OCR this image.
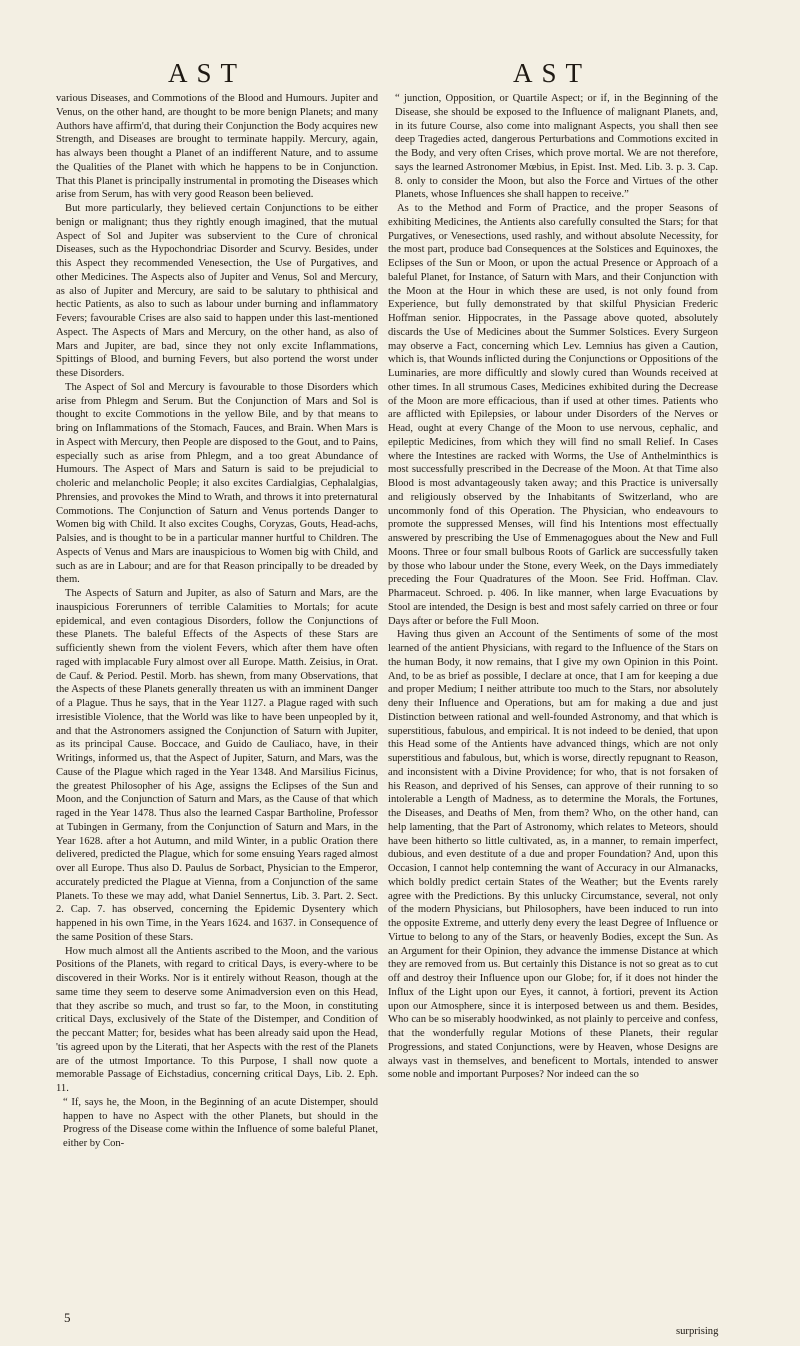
AST	AST

various Diseases, and Commotions of the Blood and Humours. Jupiter and Venus, on the other hand, are thought to be more benign Planets; and many Authors have affirm'd, that during their Conjunction the Body acquires new Strength, and Diseases are brought to terminate happily. Mercury, again, has always been thought a Planet of an indifferent Nature, and to assume the Qualities of the Planet with which he happens to be in Conjunction. That this Planet is principally instrumental in promoting the Diseases which arise from Serum, has with very good Reason been believed.

But more particularly, they believed certain Conjunctions to be either benign or malignant; thus they rightly enough imagined, that the mutual Aspect of Sol and Jupiter was subservient to the Cure of chronical Diseases, such as the Hypochondriac Disorder and Scurvy. Besides, under this Aspect they recommended Venesection, the Use of Purgatives, and other Medicines. The Aspects also of Jupiter and Venus, Sol and Mercury, as also of Jupiter and Mercury, are said to be salutary to phthisical and hectic Patients, as also to such as labour under burning and inflammatory Fevers; favourable Crises are also said to happen under this last-mentioned Aspect. The Aspects of Mars and Mercury, on the other hand, as also of Mars and Jupiter, are bad, since they not only excite Inflammations, Spittings of Blood, and burning Fevers, but also portend the worst under these Disorders.

The Aspect of Sol and Mercury is favourable to those Disorders which arise from Phlegm and Serum. But the Conjunction of Mars and Sol is thought to excite Commotions in the yellow Bile, and by that means to bring on Inflammations of the Stomach, Fauces, and Brain. When Mars is in Aspect with Mercury, then People are disposed to the Gout, and to Pains, especially such as arise from Phlegm, and a too great Abundance of Humours. The Aspect of Mars and Saturn is said to be prejudicial to choleric and melancholic People; it also excites Cardialgias, Cephalalgias, Phrensies, and provokes the Mind to Wrath, and throws it into preternatural Commotions. The Conjunction of Saturn and Venus portends Danger to Women big with Child. It also excites Coughs, Coryzas, Gouts, Head-achs, Palsies, and is thought to be in a particular manner hurtful to Children. The Aspects of Venus and Mars are inauspicious to Women big with Child, and such as are in Labour; and are for that Reason principally to be dreaded by them.

The Aspects of Saturn and Jupiter, as also of Saturn and Mars, are the inauspicious Forerunners of terrible Calamities to Mortals; for acute epidemical, and even contagious Disorders, follow the Conjunctions of these Planets. The baleful Effects of the Aspects of these Stars are sufficiently shewn from the violent Fevers, which after them have often raged with implacable Fury almost over all Europe. Matth. Zeisius, in Orat. de Cauf. & Period. Pestil. Morb. has shewn, from many Observations, that the Aspects of these Planets generally threaten us with an imminent Danger of a Plague. Thus he says, that in the Year 1127. a Plague raged with such irresistible Violence, that the World was like to have been unpeopled by it, and that the Astronomers assigned the Conjunction of Saturn with Jupiter, as its principal Cause. Boccace, and Guido de Cauliaco, have, in their Writings, informed us, that the Aspect of Jupiter, Saturn, and Mars, was the Cause of the Plague which raged in the Year 1348. And Marsilius Ficinus, the greatest Philosopher of his Age, assigns the Eclipses of the Sun and Moon, and the Conjunction of Saturn and Mars, as the Cause of that which raged in the Year 1478. Thus also the learned Caspar Bartholine, Professor at Tubingen in Germany, from the Conjunction of Saturn and Mars, in the Year 1628. after a hot Autumn, and mild Winter, in a public Oration there delivered, predicted the Plague, which for some ensuing Years raged almost over all Europe. Thus also D. Paulus de Sorbact, Physician to the Emperor, accurately predicted the Plague at Vienna, from a Conjunction of the same Planets. To these we may add, what Daniel Sennertus, Lib. 3. Part. 2. Sect. 2. Cap. 7. has observed, concerning the Epidemic Dysentery which happened in his own Time, in the Years 1624. and 1637. in Consequence of the same Position of these Stars.

How much almost all the Antients ascribed to the Moon, and the various Positions of the Planets, with regard to critical Days, is every-where to be discovered in their Works. Nor is it entirely without Reason, though at the same time they seem to deserve some Animadversion even on this Head, that they ascribe so much, and trust so far, to the Moon, in constituting critical Days, exclusively of the State of the Distemper, and Condition of the peccant Matter; for, besides what has been already said upon the Head, 'tis agreed upon by the Literati, that her Aspects with the rest of the Planets are of the utmost Importance. To this Purpose, I shall now quote a memorable Passage of Eichstadius, concerning critical Days, Lib. 2. Eph. 11.

“ If, says he, the Moon, in the Beginning of an acute Distemper, should happen to have no Aspect with the other Planets, but should in the Progress of the Disease come within the Influence of some baleful Planet, either by Con-

“ junction, Opposition, or Quartile Aspect; or if, in the Beginning of the Disease, she should be exposed to the Influence of malignant Planets, and, in its future Course, also come into malignant Aspects, you shall then see deep Tragedies acted, dangerous Perturbations and Commotions excited in the Body, and very often Crises, which prove mortal. We are not therefore, says the learned Astronomer Mœbius, in Epist. Inst. Med. Lib. 3. p. 3. Cap. 8. only to consider the Moon, but also the Force and Virtues of the other Planets, whose Influences she shall happen to receive.”

As to the Method and Form of Practice, and the proper Seasons of exhibiting Medicines, the Antients also carefully consulted the Stars; for that Purgatives, or Venesections, used rashly, and without absolute Necessity, for the most part, produce bad Consequences at the Solstices and Equinoxes, the Eclipses of the Sun or Moon, or upon the actual Presence or Approach of a baleful Planet, for Instance, of Saturn with Mars, and their Conjunction with the Moon at the Hour in which these are used, is not only found from Experience, but fully demonstrated by that skilful Physician Frederic Hoffman senior. Hippocrates, in the Passage above quoted, absolutely discards the Use of Medicines about the Summer Solstices. Every Surgeon may observe a Fact, concerning which Lev. Lemnius has given a Caution, which is, that Wounds inflicted during the Conjunctions or Oppositions of the Luminaries, are more difficultly and slowly cured than Wounds received at other times. In all strumous Cases, Medicines exhibited during the Decrease of the Moon are more efficacious, than if used at other times. Patients who are afflicted with Epilepsies, or labour under Disorders of the Nerves or Head, ought at every Change of the Moon to use nervous, cephalic, and epileptic Medicines, from which they will find no small Relief. In Cases where the Intestines are racked with Worms, the Use of Anthelminthics is most successfully prescribed in the Decrease of the Moon. At that Time also Blood is most advantageously taken away; and this Practice is universally and religiously observed by the Inhabitants of Switzerland, who are uncommonly fond of this Operation. The Physician, who endeavours to promote the suppressed Menses, will find his Intentions most effectually answered by prescribing the Use of Emmenagogues about the New and Full Moons. Three or four small bulbous Roots of Garlick are successfully taken by those who labour under the Stone, every Week, on the Days immediately preceding the Four Quadratures of the Moon. See Frid. Hoffman. Clav. Pharmaceut. Schroed. p. 406. In like manner, when large Evacuations by Stool are intended, the Design is best and most safely carried on three or four Days after or before the Full Moon.

Having thus given an Account of the Sentiments of some of the most learned of the antient Physicians, with regard to the Influence of the Stars on the human Body, it now remains, that I give my own Opinion in this Point. And, to be as brief as possible, I declare at once, that I am for keeping a due and proper Medium; I neither attribute too much to the Stars, nor absolutely deny their Influence and Operations, but am for making a due and just Distinction between rational and well-founded Astronomy, and that which is superstitious, fabulous, and empirical. It is not indeed to be denied, that upon this Head some of the Antients have advanced things, which are not only superstitious and fabulous, but, which is worse, directly repugnant to Reason, and inconsistent with a Divine Providence; for who, that is not forsaken of his Reason, and deprived of his Senses, can approve of their running to so intolerable a Length of Madness, as to determine the Morals, the Fortunes, the Diseases, and Deaths of Men, from them? Who, on the other hand, can help lamenting, that the Part of Astronomy, which relates to Meteors, should have been hitherto so little cultivated, as, in a manner, to remain imperfect, dubious, and even destitute of a due and proper Foundation? And, upon this Occasion, I cannot help contemning the want of Accuracy in our Almanacks, which boldly predict certain States of the Weather; but the Events rarely agree with the Predictions. By this unlucky Circumstance, several, not only of the modern Physicians, but Philosophers, have been induced to run into the opposite Extreme, and utterly deny every the least Degree of Influence or Virtue to belong to any of the Stars, or heavenly Bodies, except the Sun. As an Argument for their Opinion, they advance the immense Distance at which they are removed from us. But certainly this Distance is not so great as to cut off and destroy their Influence upon our Globe; for, if it does not hinder the Influx of the Light upon our Eyes, it cannot, à fortiori, prevent its Action upon our Atmosphere, since it is interposed between us and them. Besides, Who can be so miserably hoodwinked, as not plainly to perceive and confess, that the wonderfully regular Motions of these Planets, their regular Progressions, and stated Conjunctions, were by Heaven, whose Designs are always vast in themselves, and beneficent to Mortals, intended to answer some noble and important Purposes? Nor indeed can the so

5
surprising
